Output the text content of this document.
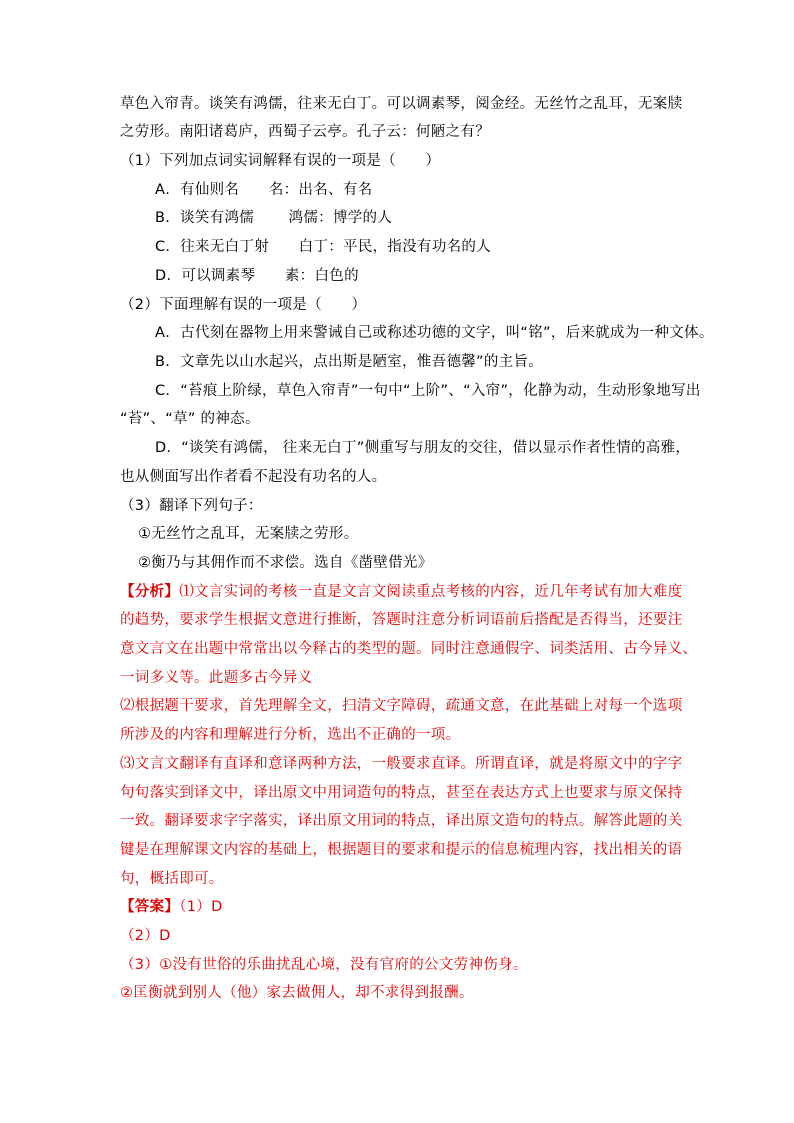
草色入帘青。谈笑有鸿儒，往来无白丁。可以调素琴，阅金经。无丝竹之乱耳，无案牍
之劳形。南阳诸葛庐，西蜀子云亭。孔子云：何陋之有？
（1）下列加点词实词解释有误的一项是（　　）
A．有仙则名　　名：出名、有名
B．谈笑有鸿儒　　 鸿儒：博学的人
C．往来无白丁射　　白丁：平民，指没有功名的人
D．可以调素琴　　素：白色的
（2）下面理解有误的一项是（　　）
A．古代刻在器物上用来警诫自己或称述功德的文字，叫“铭”，后来就成为一种文体。
B．文章先以山水起兴，点出斯是陋室，惟吾德馨”的主旨。
C．“苔痕上阶绿，草色入帘青”一句中“上阶”、“入帘”，化静为动，生动形象地写出
“苔”、“草” 的神态。
D．“谈笑有鸿儒， 往来无白丁”侧重写与朋友的交往，借以显示作者性情的高雅，
也从侧面写出作者看不起没有功名的人。
（3）翻译下列句子：
①无丝竹之乱耳，无案牍之劳形。
②衡乃与其佣作而不求偿。选自《凿壁借光》
【分析】⑴文言实词的考核一直是文言文阅读重点考核的内容，近几年考试有加大难度
的趋势，要求学生根据文意进行推断，答题时注意分析词语前后搭配是否得当，还要注
意文言文在出题中常常出以今释古的类型的题。同时注意通假字、词类活用、古今异义、
一词多义等。此题多古今异义
⑵根据题干要求，首先理解全文，扫清文字障碍，疏通文意，在此基础上对每一个选项
所涉及的内容和理解进行分析，选出不正确的一项。
⑶文言文翻译有直译和意译两种方法，一般要求直译。所谓直译，就是将原文中的字字
句句落实到译文中，译出原文中用词造句的特点，甚至在表达方式上也要求与原文保持
一致。翻译要求字字落实，译出原文用词的特点，译出原文造句的特点。解答此题的关
键是在理解课文内容的基础上，根据题目的要求和提示的信息梳理内容，找出相关的语
句，概括即可。
【答案】（1）D
（2）D
（3）①没有世俗的乐曲扰乱心境，没有官府的公文劳神伤身。
②匡衡就到别人（他）家去做佣人，却不求得到报酬。
